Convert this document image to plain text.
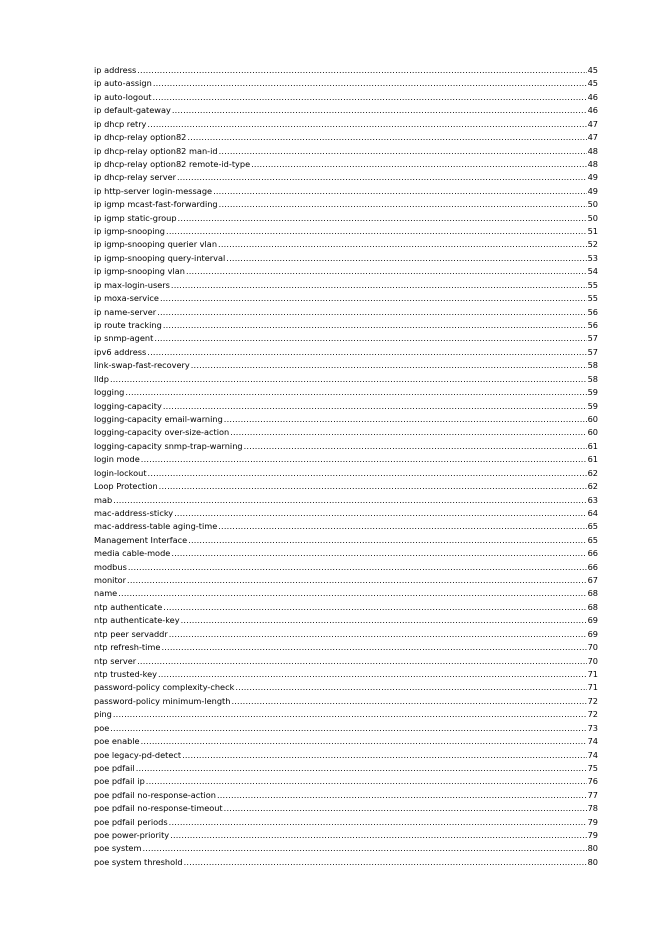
ip address .....	45
ip auto-assign .....	45
ip auto-logout .....	46
ip default-gateway .....	46
ip dhcp retry .....	47
ip dhcp-relay option82 .....	47
ip dhcp-relay option82 man-id .....	48
ip dhcp-relay option82 remote-id-type .....	48
ip dhcp-relay server .....	49
ip http-server login-message .....	49
ip igmp mcast-fast-forwarding .....	50
ip igmp static-group .....	50
ip igmp-snooping .....	51
ip igmp-snooping querier vlan .....	52
ip igmp-snooping query-interval .....	53
ip igmp-snooping vlan .....	54
ip max-login-users .....	55
ip moxa-service .....	55
ip name-server .....	56
ip route tracking .....	56
ip snmp-agent .....	57
ipv6 address .....	57
link-swap-fast-recovery .....	58
lldp .....	58
logging .....	59
logging-capacity .....	59
logging-capacity email-warning .....	60
logging-capacity over-size-action .....	60
logging-capacity snmp-trap-warning .....	61
login mode .....	61
login-lockout .....	62
Loop Protection .....	62
mab .....	63
mac-address-sticky .....	64
mac-address-table aging-time .....	65
Management Interface .....	65
media cable-mode .....	66
modbus .....	66
monitor .....	67
name .....	68
ntp authenticate .....	68
ntp authenticate-key .....	69
ntp peer servaddr .....	69
ntp refresh-time .....	70
ntp server .....	70
ntp trusted-key .....	71
password-policy complexity-check .....	71
password-policy minimum-length .....	72
ping .....	72
poe .....	73
poe enable .....	74
poe legacy-pd-detect .....	74
poe pdfail .....	75
poe pdfail ip .....	76
poe pdfail no-response-action .....	77
poe pdfail no-response-timeout .....	78
poe pdfail periods .....	79
poe power-priority .....	79
poe system .....	80
poe system threshold .....	80
